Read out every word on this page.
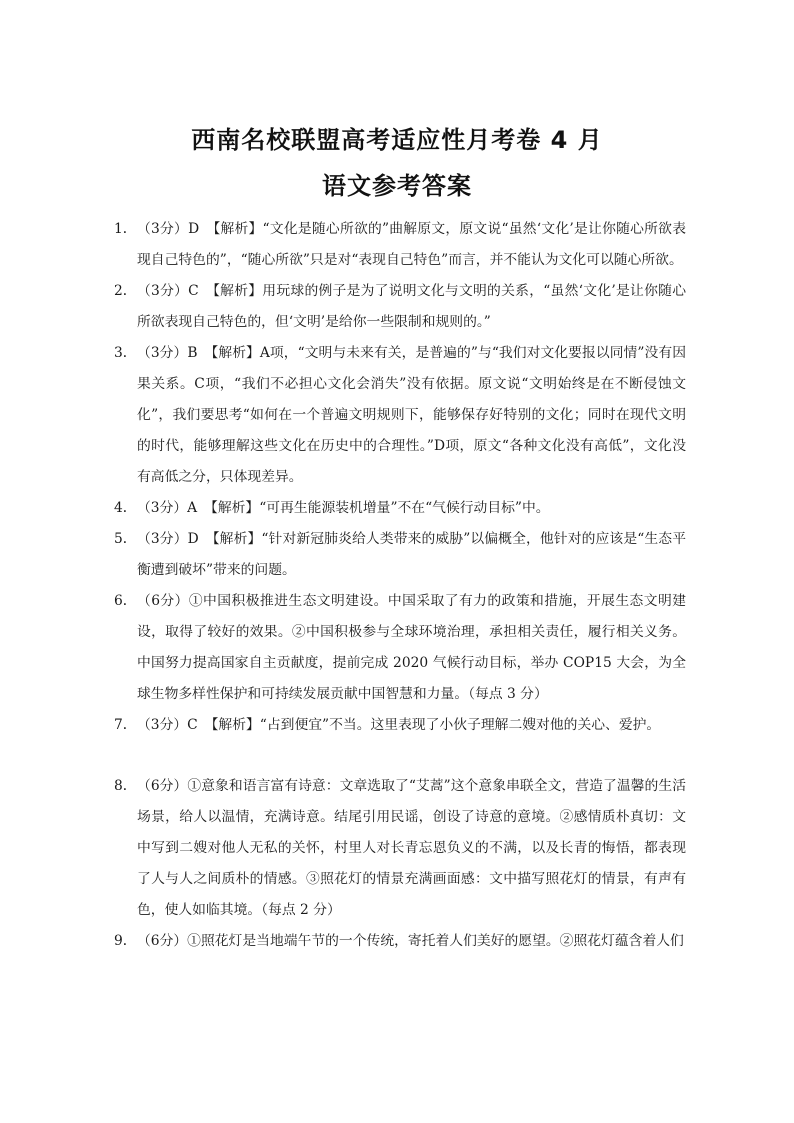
西南名校联盟高考适应性月考卷 4 月
语文参考答案
1． （3分）D　【解析】“文化是随心所欲的”曲解原文，原文说“虽然‘文化’是让你随心所欲表现自己特色的”，“随心所欲”只是对“表现自己特色”而言，并不能认为文化可以随心所欲。
2． （3分）C　【解析】用玩球的例子是为了说明文化与文明的关系，“虽然‘文化’是让你随心所欲表现自己特色的，但‘文明’是给你一些限制和规则的。”
3． （3分）B　【解析】A项，“文明与未来有关，是普遍的”与“我们对文化要报以同情”没有因果关系。C项，“我们不必担心文化会消失”没有依据。原文说“文明始终是在不断侵蚀文化”，我们要思考“如何在一个普遍文明规则下，能够保存好特别的文化；同时在现代文明的时代，能够理解这些文化在历史中的合理性。”D项，原文“各种文化没有高低”，文化没有高低之分，只体现差异。
4． （3分）A　【解析】“可再生能源装机增量”不在“气候行动目标”中。
5． （3分）D　【解析】“针对新冠肺炎给人类带来的威胁”以偏概全，他针对的应该是“生态平衡遭到破坏”带来的问题。
6． （6分）①中国积极推进生态文明建设。中国采取了有力的政策和措施，开展生态文明建设，取得了较好的效果。②中国积极参与全球环境治理，承担相关责任，履行相关义务。中国努力提高国家自主贡献度，提前完成 2020 气候行动目标，举办 COP15 大会，为全球生物多样性保护和可持续发展贡献中国智慧和力量。（每点 3 分）
7． （3分）C　【解析】“占到便宜”不当。这里表现了小伙子理解二嫂对他的关心、爱护。
8． （6分）①意象和语言富有诗意：文章选取了“艾蒿”这个意象串联全文，营造了温馨的生活场景，给人以温情，充满诗意。结尾引用民谣，创设了诗意的意境。②感情质朴真切：文中写到二嫂对他人无私的关怀，村里人对长青忘恩负义的不满，以及长青的悔悟，都表现了人与人之间质朴的情感。③照花灯的情景充满画面感：文中描写照花灯的情景，有声有色，使人如临其境。（每点 2 分）
9． （6分）①照花灯是当地端午节的一个传统，寄托着人们美好的愿望。②照花灯蕴含着人们
